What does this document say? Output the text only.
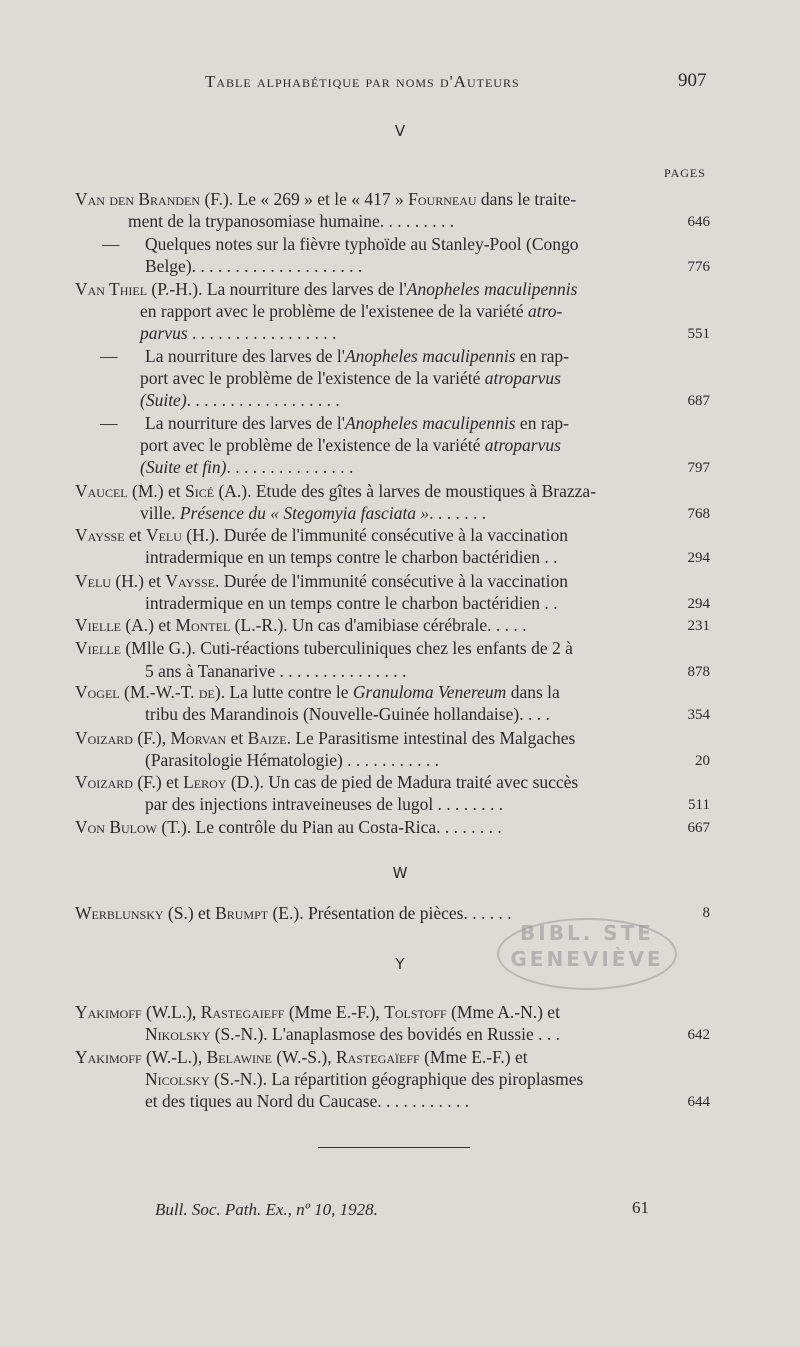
Table alphabétique par noms d'Auteurs	907
V
PAGES
Van den Branden (F.). Le « 269 » et le « 417 » Fourneau dans le traite-
ment de la trypanosomiase humaine. . . . . . . . .	646
— Quelques notes sur la fièvre typhoïde au Stanley-Pool (Congo
Belge). . . . . . . . . . . . . . . . . . . .	776
Van Thiel (P.-H.). La nourriture des larves de l'Anopheles maculipennis
en rapport avec le problème de l'existenee de la variété atro-
parvus . . . . . . . . . . . . . . . . .	551
— La nourriture des larves de l'Anopheles maculipennis en rap-
port avec le problème de l'existence de la variété atroparvus
(Suite). . . . . . . . . . . . . . . . . .	687
— La nourriture des larves de l'Anopheles maculipennis en rap-
port avec le problème de l'existence de la variété atroparvus
(Suite et fin). . . . . . . . . . . . . . .	797
Vaucel (M.) et Sicé (A.). Etude des gîtes à larves de moustiques à Brazza-
ville. Présence du « Stegomyia fasciata ». . . . . . .	768
Vaysse et Velu (H.). Durée de l'immunité consécutive à la vaccination
intradermique en un temps contre le charbon bactéridien . .	294
Velu (H.) et Vaysse. Durée de l'immunité consécutive à la vaccination
intradermique en un temps contre le charbon bactéridien . .	294
Vielle (A.) et Montel (L.-R.). Un cas d'amibiase cérébrale. . . . .	231
Vielle (Mlle G.). Cuti-réactions tuberculiniques chez les enfants de 2 à
5 ans à Tananarive . . . . . . . . . . . . . . .	878
Vogel (M.-W.-T. de). La lutte contre le Granuloma Venereum dans la
tribu des Marandinois (Nouvelle-Guinée hollandaise). . . .	354
Voizard (F.), Morvan et Baize. Le Parasitisme intestinal des Malgaches
(Parasitologie Hématologie) . . . . . . . . . . .	20
Voizard (F.) et Leroy (D.). Un cas de pied de Madura traité avec succès
par des injections intraveineuses de lugol . . . . . . . .	511
Von Bulow (T.). Le contrôle du Pian au Costa-Rica. . . . . . . .	667
W
Werblunsky (S.) et Brumpt (E.). Présentation de pièces. . . . . .	8
BIBL. STE
GENEVIÈVE
Y
Yakimoff (W.L.), Rastegaieff (Mme E.-F.), Tolstoff (Mme A.-N.) et
Nikolsky (S.-N.). L'anaplasmose des bovidés en Russie . . .	642
Yakimoff (W.-L.), Belawine (W.-S.), Rastegaïeff (Mme E.-F.) et
Nicolsky (S.-N.). La répartition géographique des piroplasmes
et des tiques au Nord du Caucase. . . . . . . . . . .	644
Bull. Soc. Path. Ex., nº 10, 1928.	61
